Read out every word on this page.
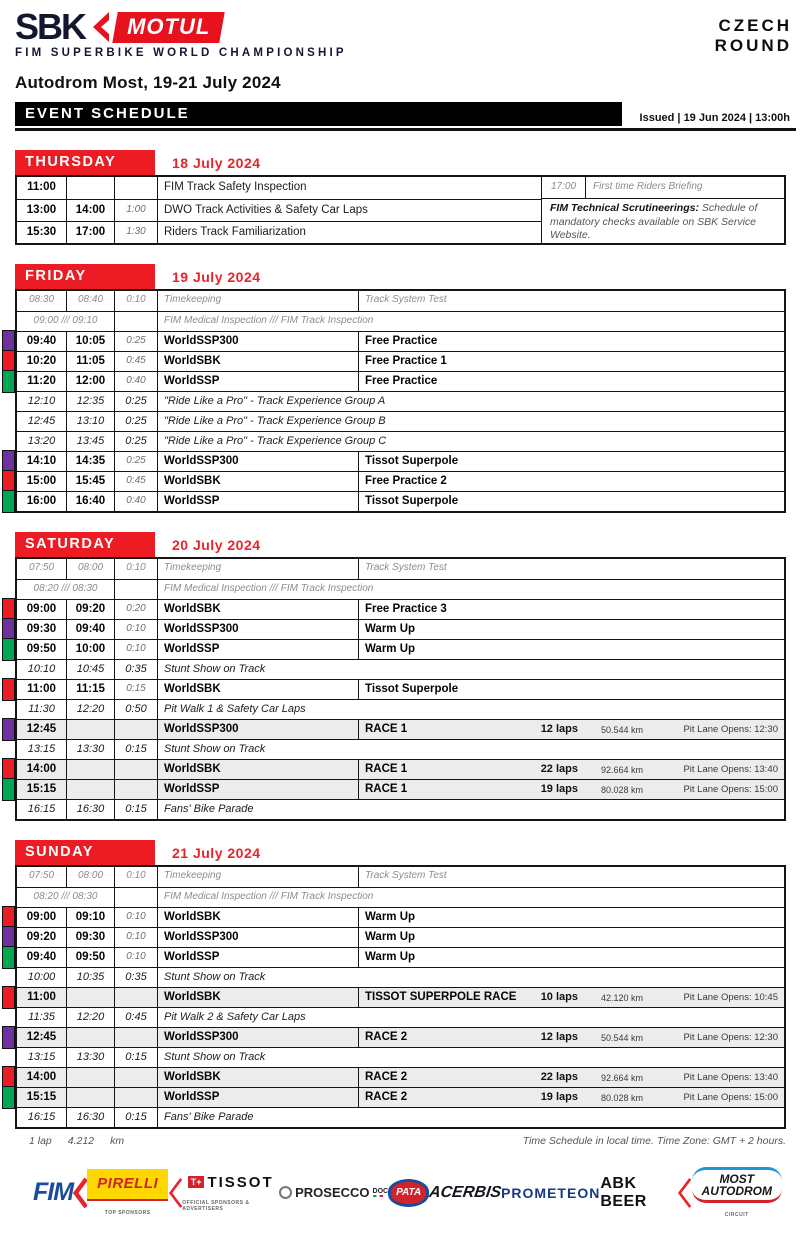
SBK	MOTUL
FIM SUPERBIKE WORLD CHAMPIONSHIP
CZECH
ROUND
Autodrom Most, 19-21 July 2024
EVENT SCHEDULE	Issued | 19 Jun 2024 | 13:00h
THURSDAY	18 July 2024
11:00	FIM Track Safety Inspection
13:00	14:00	1:00	DWO Track Activities & Safety Car Laps
15:30	17:00	1:30	Riders Track Familiarization
17:00	First time Riders Briefing
FIM Technical Scrutineerings: Schedule of mandatory checks available on SBK Service Website.
FRIDAY	19 July 2024
08:30	08:40	0:10	Timekeeping	Track System Test
09:00 /// 09:10	FIM Medical Inspection /// FIM Track Inspection
09:40	10:05	0:25	WorldSSP300	Free Practice
10:20	11:05	0:45	WorldSBK	Free Practice 1
11:20	12:00	0:40	WorldSSP	Free Practice
12:10	12:35	0:25	"Ride Like a Pro" - Track Experience Group A
12:45	13:10	0:25	"Ride Like a Pro" - Track Experience Group B
13:20	13:45	0:25	"Ride Like a Pro" - Track Experience Group C
14:10	14:35	0:25	WorldSSP300	Tissot Superpole
15:00	15:45	0:45	WorldSBK	Free Practice 2
16:00	16:40	0:40	WorldSSP	Tissot Superpole
SATURDAY	20 July 2024
07:50	08:00	0:10	Timekeeping	Track System Test
08:20 /// 08:30	FIM Medical Inspection /// FIM Track Inspection
09:00	09:20	0:20	WorldSBK	Free Practice 3
09:30	09:40	0:10	WorldSSP300	Warm Up
09:50	10:00	0:10	WorldSSP	Warm Up
10:10	10:45	0:35	Stunt Show on Track
11:00	11:15	0:15	WorldSBK	Tissot Superpole
11:30	12:20	0:50	Pit Walk 1 & Safety Car Laps
12:45	WorldSSP300	RACE 1	12 laps	50.544 km	Pit Lane Opens: 12:30
13:15	13:30	0:15	Stunt Show on Track
14:00	WorldSBK	RACE 1	22 laps	92.664 km	Pit Lane Opens: 13:40
15:15	WorldSSP	RACE 1	19 laps	80.028 km	Pit Lane Opens: 15:00
16:15	16:30	0:15	Fans' Bike Parade
SUNDAY	21 July 2024
07:50	08:00	0:10	Timekeeping	Track System Test
08:20 /// 08:30	FIM Medical Inspection /// FIM Track Inspection
09:00	09:10	0:10	WorldSBK	Warm Up
09:20	09:30	0:10	WorldSSP300	Warm Up
09:40	09:50	0:10	WorldSSP	Warm Up
10:00	10:35	0:35	Stunt Show on Track
11:00	WorldSBK	TISSOT SUPERPOLE RACE	10 laps	42.120 km	Pit Lane Opens: 10:45
11:35	12:20	0:45	Pit Walk 2 & Safety Car Laps
12:45	WorldSSP300	RACE 2	12 laps	50.544 km	Pit Lane Opens: 12:30
13:15	13:30	0:15	Stunt Show on Track
14:00	WorldSBK	RACE 2	22 laps	92.664 km	Pit Lane Opens: 13:40
15:15	WorldSSP	RACE 2	19 laps	80.028 km	Pit Lane Opens: 15:00
16:15	16:30	0:15	Fans' Bike Parade
1 lap 4.212 km	Time Schedule in local time. Time Zone: GMT + 2 hours.
FIM	PIRELLI
TOP SPONSORS
T+ TISSOT
OFFICIAL SPONSORS & ADVERTISERS
PROSECCO DOC PATA ACERBIS
PROMETEON
ABK BEER
MOST
AUTODROM
CIRCUIT
